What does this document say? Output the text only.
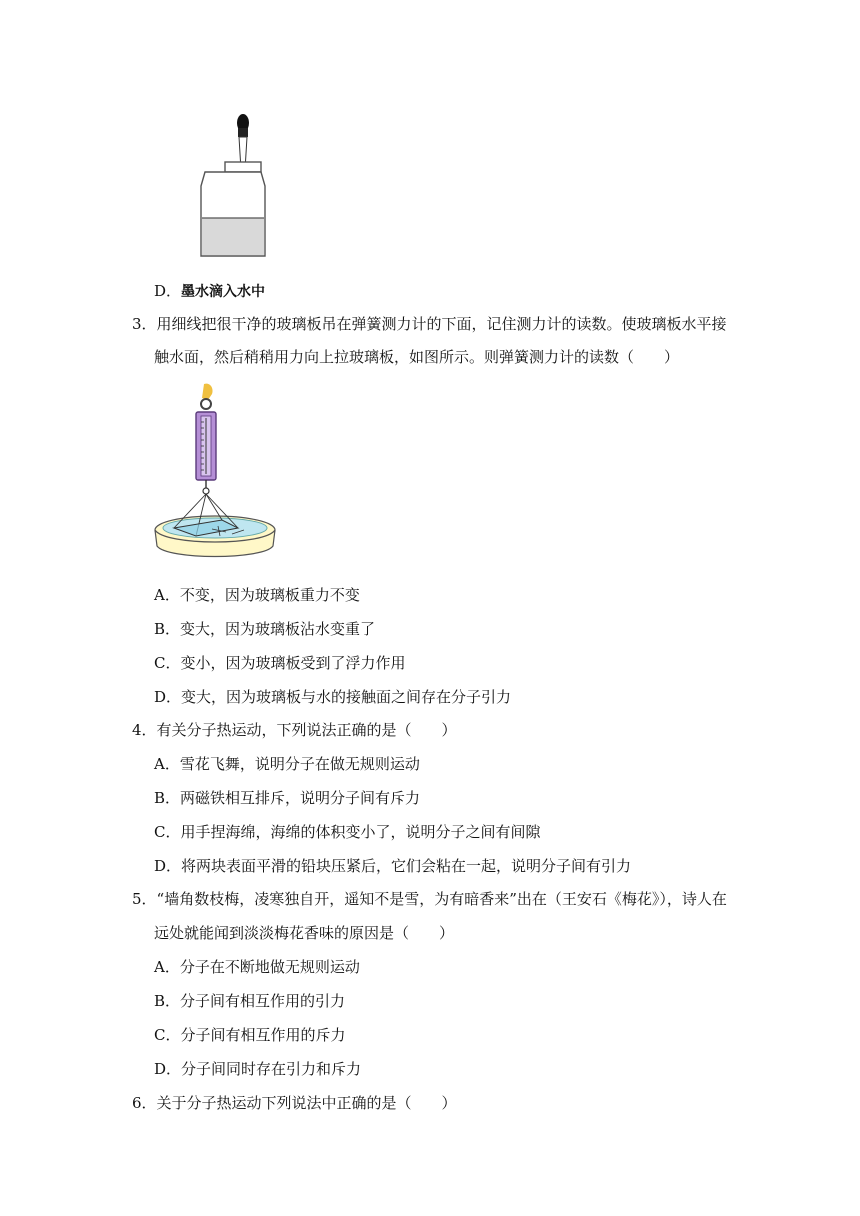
D．墨水滴入水中
3．用细线把很干净的玻璃板吊在弹簧测力计的下面，记住测力计的读数。使玻璃板水平接
触水面，然后稍稍用力向上拉玻璃板，如图所示。则弹簧测力计的读数（　　）
A．不变，因为玻璃板重力不变
B．变大，因为玻璃板沾水变重了
C．变小，因为玻璃板受到了浮力作用
D．变大，因为玻璃板与水的接触面之间存在分子引力
4．有关分子热运动，下列说法正确的是（　　）
A．雪花飞舞，说明分子在做无规则运动
B．两磁铁相互排斥，说明分子间有斥力
C．用手捏海绵，海绵的体积变小了，说明分子之间有间隙
D．将两块表面平滑的铅块压紧后，它们会粘在一起，说明分子间有引力
5．“墙角数枝梅，凌寒独自开，遥知不是雪，为有暗香来”出在（王安石《梅花》），诗人在
远处就能闻到淡淡梅花香味的原因是（　　）
A．分子在不断地做无规则运动
B．分子间有相互作用的引力
C．分子间有相互作用的斥力
D．分子间同时存在引力和斥力
6．关于分子热运动下列说法中正确的是（　　）
